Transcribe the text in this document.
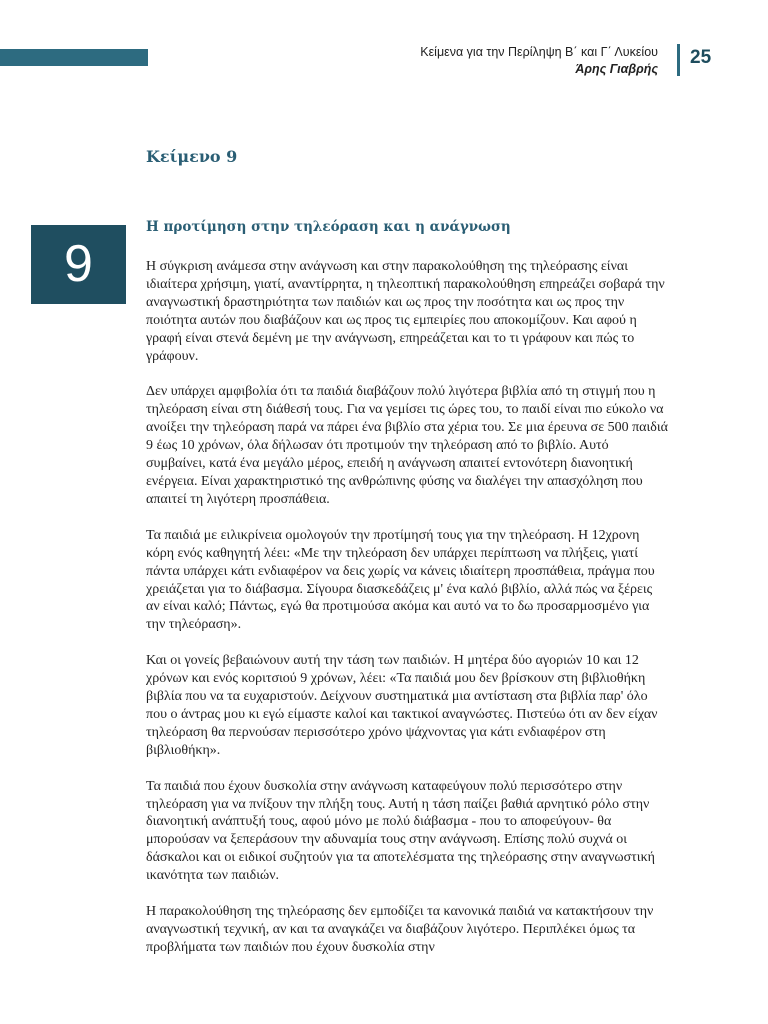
Κείμενα για την Περίληψη Β΄ και Γ΄ Λυκείου
Άρης Γιαβρής
25
Κείμενο 9
9
Η προτίμηση στην τηλεόραση και η ανάγνωση

Η σύγκριση ανάμεσα στην ανάγνωση και στην παρακολούθηση της τηλεόρασης είναι ιδιαίτερα χρήσιμη, γιατί, αναντίρρητα, η τηλεοπτική παρακολούθηση επηρεάζει σοβαρά την αναγνωστική δραστηριότητα των παιδιών και ως προς την ποσότητα και ως προς την ποιότητα αυτών που διαβάζουν και ως προς τις εμπειρίες που αποκομίζουν. Και αφού η γραφή είναι στενά δεμένη με την ανάγνωση, επηρεάζεται και το τι γράφουν και πώς το γράφουν.

Δεν υπάρχει αμφιβολία ότι τα παιδιά διαβάζουν πολύ λιγότερα βιβλία από τη στιγμή που η τηλεόραση είναι στη διάθεσή τους. Για να γεμίσει τις ώρες του, το παιδί είναι πιο εύκολο να ανοίξει την τηλεόραση παρά να πάρει ένα βιβλίο στα χέρια του. Σε μια έρευνα σε 500 παιδιά 9 έως 10 χρόνων, όλα δήλωσαν ότι προτιμούν την τηλεόραση από το βιβλίο. Αυτό συμβαίνει, κατά ένα μεγάλο μέρος, επειδή η ανάγνωση απαιτεί εντονότερη διανοητική ενέργεια. Είναι χαρακτηριστικό της ανθρώπινης φύσης να διαλέγει την απασχόληση που απαιτεί τη λιγότερη προσπάθεια.

Τα παιδιά με ειλικρίνεια ομολογούν την προτίμησή τους για την τηλεόραση. Η 12χρονη κόρη ενός καθηγητή λέει: «Με την τηλεόραση δεν υπάρχει περίπτωση να πλήξεις, γιατί πάντα υπάρχει κάτι ενδιαφέρον να δεις χωρίς να κάνεις ιδιαίτερη προσπάθεια, πράγμα που χρειάζεται για το διάβασμα. Σίγουρα διασκεδάζεις μ' ένα καλό βιβλίο, αλλά πώς να ξέρεις αν είναι καλό; Πάντως, εγώ θα προτιμούσα ακόμα και αυτό να το δω προσαρμοσμένο για την τηλεόραση».

Και οι γονείς βεβαιώνουν αυτή την τάση των παιδιών. Η μητέρα δύο αγοριών 10 και 12 χρόνων και ενός κοριτσιού 9 χρόνων, λέει: «Τα παιδιά μου δεν βρίσκουν στη βιβλιοθήκη βιβλία που να τα ευχαριστούν. Δείχνουν συστηματικά μια αντίσταση στα βιβλία παρ' όλο που ο άντρας μου κι εγώ είμαστε καλοί και τακτικοί αναγνώστες. Πιστεύω ότι αν δεν είχαν τηλεόραση θα περνούσαν περισσότερο χρόνο ψάχνοντας για κάτι ενδιαφέρον στη βιβλιοθήκη».

Τα παιδιά που έχουν δυσκολία στην ανάγνωση καταφεύγουν πολύ περισσότερο στην τηλεόραση για να πνίξουν την πλήξη τους. Αυτή η τάση παίζει βαθιά αρνητικό ρόλο στην διανοητική ανάπτυξή τους, αφού μόνο με πολύ διάβασμα - που το αποφεύγουν- θα μπορούσαν να ξεπεράσουν την αδυναμία τους στην ανάγνωση. Επίσης πολύ συχνά οι δάσκαλοι και οι ειδικοί συζητούν για τα αποτελέσματα της τηλεόρασης στην αναγνωστική ικανότητα των παιδιών.

Η παρακολούθηση της τηλεόρασης δεν εμποδίζει τα κανονικά παιδιά να κατακτήσουν την αναγνωστική τεχνική, αν και τα αναγκάζει να διαβάζουν λιγότερο. Περιπλέκει όμως τα προβλήματα των παιδιών που έχουν δυσκολία στην
